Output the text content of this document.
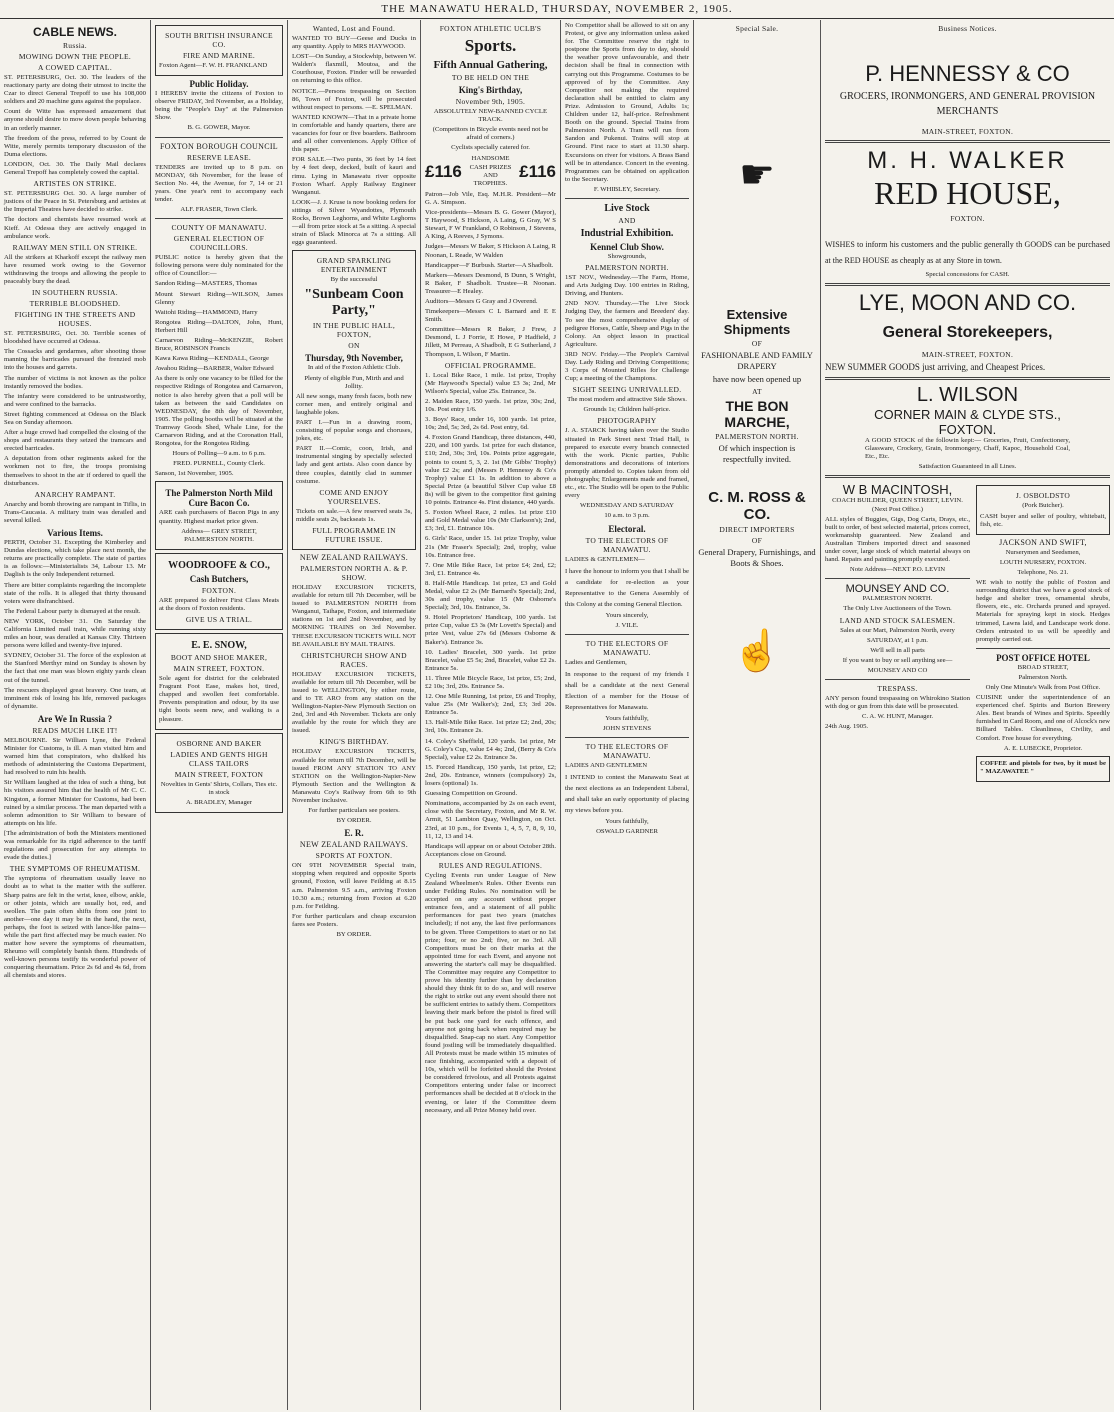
THE MANAWATU HERALD, THURSDAY, NOVEMBER 2, 1905.
CABLE NEWS.
Russia.
MOWING DOWN THE PEOPLE.
A COWED CAPITAL.

ST. PETERSBURG, Oct. 30. The leaders of the reactionary party are doing their utmost to incite the Czar to direct General Trepoff to use his 108,000 soldiers and 20 machine guns against the populace.

Count de Witte has expressed amazement that anyone should desire to mow down people behaving in an orderly manner.

The freedom of the press, referred to by Count de Witte, merely permits temporary discussion of the Duma elections.

LONDON, Oct. 30. The Daily Mail declares General Trepoff has completely cowed the capital.

ARTISTES ON STRIKE.

ST. PETERSBURG Oct. 30. A large number of justices of the Peace in St. Petersburg and artistes at the Imperial Theatres have decided to strike.

The doctors and chemists have resumed work at Kieff. At Odessa they are actively engaged in ambulance work.

RAILWAY MEN STILL ON STRIKE.

All the strikers at Kharkoff except the railway men have resumed work owing to the Governor withdrawing the troops and allowing the people to peaceably bury the dead.

IN SOUTHERN RUSSIA.
TERRIBLE BLOODSHED.
FIGHTING IN THE STREETS AND HOUSES.

ST. PETERSBURG, Oct. 30. Terrible scenes of bloodshed have occurred at Odessa.

The Cossacks and gendarmes, after shooting those manning the barricades pursued the frenzied mob into the houses and garrets.

The number of victims is not known as the police instantly removed the bodies.

The infantry were considered to be untrustworthy, and were confined to the barracks.

Street fighting commenced at Odessa on the Black Sea on Sunday afternoon.

After a huge crowd had compelled the closing of the shops and restaurants they seized the tramcars and erected barricades.

A deputation from other regiments asked for the workmen not to fire, the troops promising themselves to shoot in the air if ordered to quell the disturbances.

ANARCHY RAMPANT.

Anarchy and bomb throwing are rampant in Tiflis, in Trans-Caucasia. A military train was derailed and several killed.

Various Items.

PERTH, October 31. Excepting the Kimberley and Dundas elections, which take place next month, the returns are practically complete. The state of parties is as follows:—Ministerialists 34, Labour 13. Mr Daglish is the only Independent returned.

There are bitter complaints regarding the incomplete state of the rolls. It is alleged that thirty thousand voters were disfranchised.

The Federal Labour party is dismayed at the result.

NEW YORK, October 31. On Saturday the California Limited mail train, while running sixty miles an hour, was derailed at Kansas City. Thirteen persons were killed and twenty-five injured.

SYDNEY, October 31. The force of the explosion at the Stanford Merthyr mind on Sunday is shown by the fact that one man was blown eighty yards clean out of the tunnel.

The rescuers displayed great bravery. One team, at imminent risk of losing his life, removed packages of dynamite.

Are We In Russia ?
READS MUCH LIKE IT!

MELBOURNE. Sir William Lyne, the Federal Minister for Customs, is ill. A man visited him and warned him that conspirators, who disliked his methods of administering the Customs Department, had resolved to ruin his health.

Sir William laughed at the idea of such a thing, but his visitors assured him that the health of Mr C. C. Kingston, a former Minister for Customs, had been ruined by a similar process. The man departed with a solemn admonition to Sir William to beware of attempts on his life.

[The administration of both the Ministers mentioned was remarkable for its rigid adherence to the tariff regulations and prosecution for any attempts to evade the duties.]

THE SYMPTOMS OF RHEUMATISM.

The symptoms of rheumatism usually leave no doubt as to what is the matter with the sufferer. Sharp pains are felt in the wrist, knee, elbow, ankle, or other joints, which are usually hot, red, and swollen. The pain often shifts from one joint to another—one day it may be in the hand, the next, perhaps, the foot is seized with lance-like pains—while the part first affected may be much easier. No matter how severe the symptoms of rheumatism, Rheumo will completely banish them. Hundreds of well-known persons testify its wonderful power of conquering rheumatism. Price 2s 6d and 4s 6d, from all chemists and stores.

SOUTH BRITISH INSURANCE CO.
FIRE AND MARINE.

Foxton Agent—F. W. H. FRANKLAND

Public Holiday.

I HEREBY invite the citizens of Foxton to observe FRIDAY, 3rd November, as a Holiday, being the "People's Day" at the Palmerston Show.

B. G. GOWER, Mayor.

FOXTON BOROUGH COUNCIL
RESERVE LEASE.

TENDERS are invited up to 8 p.m. on MONDAY, 6th November, for the lease of Section No. 44, the Avenue, for 7, 14 or 21 years. One year's rent to accompany each tender.

ALF. FRASER, Town Clerk.

COUNTY OF MANAWATU.
GENERAL ELECTION OF COUNCILLORS.

PUBLIC notice is hereby given that the following persons were duly nominated for the office of Councillor:—

Sandon Riding—MASTERS, Thomas

Mount Stewart Riding—WILSON, James Glenny

Waitohi Riding—HAMMOND, Harry

Rongotea Riding—DALTON, John, Hunt, Herbert Hill

Carnarvon Riding—McKENZIE, Robert Bruce, ROBINSON Francis

Kawa Kawa Riding—KENDALL, George

Awahou Riding—BARBER, Walter Edward

As there is only one vacancy to be filled for the respective Ridings of Rongotea and Carnarvon, notice is also hereby given that a poll will be taken as between the said Candidates on WEDNESDAY, the 8th day of November, 1905. The polling booths will be situated at the Tramway Goods Shed, Whale Line, for the Carnarvon Riding, and at the Coronation Hall, Rongotea, for the Rongotea Riding.

Hours of Polling—9 a.m. to 6 p.m.

FRED. PURNELL, County Clerk.

Sanson, 1st November, 1905.

The Palmerston North Mild Cure Bacon Co.

ARE cash purchasers of Bacon Pigs in any quantity. Highest market price given.

Address— GREY STREET, PALMERSTON NORTH.

WOODROOFE & CO.,
Cash Butchers,
FOXTON.

ARE prepared to deliver First Class Meats at the doors of Foxton residents.

GIVE US A TRIAL.
E. E. SNOW,
BOOT AND SHOE MAKER,
MAIN STREET, FOXTON.

Sole agent for district for the celebrated Fragrant Foot Ease, makes hot, tired, chapped and swollen feet comfortable. Prevents perspiration and odour, by its use tight boots seem new, and walking is a pleasure.

OSBORNE AND BAKER
LADIES AND GENTS HIGH CLASS TAILORS
MAIN STREET, FOXTON

Novelties in Gents' Shirts, Collars, Ties etc. in stock

A. BRADLEY, Manager

Wanted, Lost and Found.

WANTED TO BUY—Geese and Ducks in any quantity. Apply to MRS HAYWOOD.

LOST—On Sunday, a Stockwhip, between W. Walden's flaxmill, Moutoa, and the Courthouse, Foxton. Finder will be rewarded on returning to this office.

NOTICE.—Persons trespassing on Section 86, Town of Foxton, will be prosecuted without respect to persons. —E. SPELMAN.

WANTED KNOWN—That in a private home in comfortable and handy quarters, there are vacancies for four or five boarders. Bathroom and all other conveniences. Apply Office of this paper.

FOR SALE.—Two punts, 36 feet by 14 feet by 4 feet deep, decked, built of kauri and rimu. Lying in Manawatu river opposite Foxton Wharf. Apply Railway Engineer Wanganui.

LOOK—J. J. Kruse is now booking orders for sittings of Silver Wyandottes, Plymouth Rocks, Brown Leghorns, and White Leghorns—all from prize stock at 5s a sitting. A special strain of Black Minorca at 7s a sitting. All eggs guaranteed.

GRAND SPARKLING ENTERTAINMENT

By the successful

"Sunbeam Coon Party,"
IN THE PUBLIC HALL, FOXTON,
ON
Thursday, 9th November,

In aid of the Foxton Athletic Club.

Plenty of eligible Fun, Mirth and and Jollity.

All new songs, many fresh faces, both new corner men, and entirely original and laughable jokes.

PART I.—Fun in a drawing room, consisting of popular songs and choruses, jokes, etc.

PART II.—Comic, coon, Irish, and instrumental singing by specially selected lady and gent artists. Also coon dance by three couples, daintily clad in summer costume.

COME AND ENJOY YOURSELVES.

Tickets on sale.—A few reserved seats 3s, middle seats 2s, backseats 1s.

FULL PROGRAMME IN FUTURE ISSUE.
NEW ZEALAND RAILWAYS.
PALMERSTON NORTH A. & P. SHOW.

HOLIDAY EXCURSION TICKETS, available for return till 7th December, will be issued to PALMERSTON NORTH from Wanganui, Taihape, Foxton, and intermediate stations on 1st and 2nd November, and by MORNING TRAINS on 3rd November. THESE EXCURSION TICKETS WILL NOT BE AVAILABLE BY MAIL TRAINS.

CHRISTCHURCH SHOW AND RACES.

HOLIDAY EXCURSION TICKETS, available for return till 7th December, will be issued to WELLINGTON, by either route, and to TE ARO from any station on the Wellington-Napier-New Plymouth Section on 2nd, 3rd and 4th November. Tickets are only available by the route for which they are issued.

KING'S BIRTHDAY.

HOLIDAY EXCURSION TICKETS, available for return till 7th December, will be issued FROM ANY STATION TO ANY STATION on the Wellington-Napier-New Plymouth Section and the Wellington & Manawatu Coy's Railway from 6th to 9th November inclusive.

For further particulars see posters.

BY ORDER.

E. R.
NEW ZEALAND RAILWAYS.
SPORTS AT FOXTON.

ON 9TH NOVEMBER Special train, stopping when required and opposite Sports ground, Foxton, will leave Feilding at 8.15 a.m. Palmerston 9.5 a.m., arriving Foxton 10.30 a.m.; returning from Foxton at 6.20 p.m. for Feilding.

For further particulars and cheap excursion fares see Posters.

BY ORDER.

FOXTON ATHLETIC UCLB'S
Sports.
Fifth Annual Gathering,
TO BE HELD ON THE
King's Birthday,
November 9th, 1905.

ABSOLUTELY NEW-BANNED CYCLE TRACK.

(Competitors in Bicycle events need not be afraid of corners.)

Cyclists specially catered for.

£116
HANDSOME CASH PRIZES AND TROPHIES.
£116

Patron—Job Vile, Esq. M.H.R. President—Mr G. A. Simpson.

Vice-presidents—Messrs B. G. Gower (Mayor), T Haywood, S Hickson, A Laing, G Gray, W S Stewart, F W Frankland, O Robinson, J Stevens, A King, A Reeves, J Symons.

Judges—Messrs W Baker, S Hickson A Laing, R Noonan, L Reade, W Walden

Handicapper—F Burbush. Starter—A Shadbolt.

Markers—Messrs Desmond, B Dunn, S Wright, R Baker, F Shadbolt. Trustee—R Noonan. Treasurer—E Healey.

Auditors—Messrs G Gray and J Overend.

Timekeepers—Messrs C L Barnard and E E Smith.

Committee—Messrs R Baker, J Frew, J Desmond, L J Forrie, E Howe, P Hadfield, J Jillett, M Perreau, A Shadbolt, E G Sutherland, J Thompson, L Wilson, F Martin.

OFFICIAL PROGRAMME.

1. Local Bike Race, 1 mile. 1st prize, Trophy (Mr Haywood's Special) value £3 3s; 2nd, Mr Wilson's Special, value 25s. Entrance, 3s.

2. Maiden Race, 150 yards. 1st prize, 30s; 2nd, 10s. Post entry 1/6.

3. Boys' Race, under 16, 100 yards. 1st prize, 10s; 2nd, 5s; 3rd, 2s 6d. Post entry, 6d.

4. Foxton Grand Handicap, three distances, 440, 220, and 100 yards. 1st prize for each distance, £10; 2nd, 30s; 3rd, 10s. Points prize aggregate, points to count 5, 3, 2. 1st (Mr Gibbs' Trophy) value £2 2s; and (Messrs P. Hennessy & Co's Trophy) value £1 1s. In addition to above a Special Prize (a beautiful Silver Cup value £8 8s) will be given to the competitor first gaining 10 points. Entrance 4s. First distance, 440 yards.

5. Foxton Wheel Race, 2 miles. 1st prize £10 and Gold Medal value 10s (Mr Clarkson's); 2nd, £3; 3rd, £1. Entrance 10s.

6. Girls' Race, under 15. 1st prize Trophy, value 21s (Mr Fraser's Special); 2nd, trophy, value 10s. Entrance free.

7. One Mile Bike Race, 1st prize £4; 2nd, £2; 3rd, £1. Entrance 4s.

8. Half-Mile Handicap. 1st prize, £3 and Gold Medal, value £2 2s (Mr Barnard's Special); 2nd, 30s and trophy, value 15 (Mr Osborne's Special); 3rd, 10s. Entrance, 3s.

9. Hotel Proprietors' Handicap, 100 yards. 1st prize Cup, value £3 3s (Mr Lovett's Special) and prize Vest, value 27s 6d (Messrs Osborne & Baker's). Entrance 3s.

10. Ladies' Bracelet, 300 yards. 1st prize Bracelet, value £5 5s; 2nd, Bracelet, value £2 2s. Entrance 5s.

11. Three Mile Bicycle Race, 1st prize, £5; 2nd, £2 10s; 3rd, 20s. Entrance 5s.

12. One Mile Running, 1st prize, £6 and Trophy, value 25s (Mr Walker's); 2nd, £3; 3rd 20s. Entrance 5s.

13. Half-Mile Bike Race. 1st prize £2; 2nd, 20s; 3rd, 10s. Entrance 2s.

14. Coley's Sheffield, 120 yards. 1st prize, Mr G. Coley's Cup, value £4 4s; 2nd, (Berry & Co's Special), value £2 2s. Entrance 3s.

15. Forced Handicap, 150 yards, 1st prize, £2; 2nd, 20s. Entrance, winners (compulsory) 2s, losers (optional) 1s.

Guessing Competition on Ground.

Nominations, accompanied by 2s on each event, close with the Secretary, Foxton, and Mr R. W. Armit, 51 Lambton Quay, Wellington, on Oct. 23rd, at 10 p.m., for Events 1, 4, 5, 7, 8, 9, 10, 11, 12, 13 and 14.

Handicaps will appear on or about October 28th. Acceptances close on Ground.

RULES AND REGULATIONS.

Cycling Events run under League of New Zealand Wheelmen's Rules. Other Events run under Feilding Rules. No nomination will be accepted on any account without proper entrance fees, and a statement of all public performances for past two years (matches included); if not any, the last five performances to be given. Three Competitors to start or no 1st prize; four, or no 2nd; five, or no 3rd. All Competitors must be on their marks at the appointed time for each Event, and anyone not answering the starter's call may be disqualified. The Committee may require any Competitor to prove his identity further than by declaration should they think fit to do so, and will reserve the right to strike out any event should there not be sufficient entries to satisfy them. Competitors leaving their mark before the pistol is fired will be put back one yard for each offence, and anyone not going back when required may be disqualified. Snap-cap no start. Any Competitor found jostling will be immediately disqualified. All Protests must be made within 15 minutes of race finishing, accompanied with a deposit of 10s, which will be forfeited should the Protest be considered frivolous, and all Protests against Competitors entering under false or incorrect performances shall be decided at 8 o'clock in the evening, or later if the Committee deem necessary, and all Prize Money held over.

No Competitor shall be allowed to sit on any Protest, or give any information unless asked for. The Committee reserve the right to postpone the Sports from day to day, should the weather prove unfavourable, and their decision shall be final in connection with carrying out this Programme. Costumes to be approved of by the Committee. Any Competitor not making the required declaration shall be entitled to claim any Prize. Admission to Ground, Adults 1s; Children under 12, half-price. Refreshment Booth on the ground. Special Trains from Palmerston North. A Tram will run from Sandon and Pukenui. Trains will stop at Ground. First race to start at 11.30 sharp. Excursions on river for visitors. A Brass Band will be in attendance. Concert in the evening. Programmes can be obtained on application to the Secretary.

F. WHIBLEY, Secretary.

Live Stock
AND
Industrial Exhibition.
Kennel Club Show.

Showgrounds,

PALMERSTON NORTH.

1ST NOV., Wednesday.—The Farm, Home, and Arts Judging Day. 100 entries in Riding, Driving, and Hunters.

2ND NOV. Thursday.—The Live Stock Judging Day, the farmers and Breeders' day. To see the most comprehensive display of pedigree Horses, Cattle, Sheep and Pigs in the Colony. An object lesson in practical Agriculture.

3RD NOV. Friday.—The People's Carnival Day. Lady Riding and Driving Competitions; 3 Corps of Mounted Rifles for Challenge Cup; a meeting of the Champions.

SIGHT SEEING UNRIVALLED.

The most modern and attractive Side Shows.

Grounds 1s; Children half-price.

PHOTOGRAPHY

J. A. STARCK having taken over the Studio situated in Park Street next Triad Hall, is prepared to execute every branch connected with the work. Picnic parties, Public demonstrations and decorations of interiors promptly attended to. Copies taken from old photographs; Enlargements made and framed, etc., etc. The Studio will be open to the Public every

WEDNESDAY AND SATURDAY

10 a.m. to 3 p.m.

Electoral.
TO THE ELECTORS OF MANAWATU.

LADIES & GENTLEMEN—

I have the honour to inform you that I shall be a candidate for re-election as your Representative to the Genera Assembly of this Colony at the coming General Election.

Yours sincerely,

J. VILE.

TO THE ELECTORS OF MANAWATU.

Ladies and Gentlemen,

In response to the request of my friends I shall be a candidate at the next General Election of a member for the House of Representatives for Manawatu.

Yours faithfully,

JOHN STEVENS

TO THE ELECTORS OF MANAWATU.

LADIES AND GENTLEMEN

I INTEND to contest the Manawatu Seat at the next elections as an Independent Liberal, and shall take an early opportunity of placing my views before you.

Yours faithfully,

OSWALD GARDNER

Special Sale.
☛
Extensive Shipments
OF

FASHIONABLE AND FAMILY DRAPERY

have now been opened up

AT
THE BON MARCHE,
PALMERSTON NORTH.

Of which inspection is respectfully invited.

C. M. ROSS & CO.
DIRECT IMPORTERS
OF

General Drapery, Furnishings, and Boots & Shoes.

☝
Business Notices.
P. HENNESSY & CO

GROCERS, IRONMONGERS, AND GENERAL PROVISION MERCHANTS

MAIN-STREET, FOXTON.
M. H. WALKER
RED HOUSE,
FOXTON.

WISHES to inform his customers and the public generally th GOODS can be purchased at the RED HOUSE as cheaply as at any Store in town.

Special concessions for CASH.

LYE, MOON AND CO.
General Storekeepers,
MAIN-STREET, FOXTON.

NEW SUMMER GOODS just arriving, and Cheapest Prices.

L. WILSON
CORNER MAIN & CLYDE STS.,
FOXTON.

A GOOD STOCK of the followin kept:— Groceries, Fruit, Confectionery, Glassware, Crockery, Grain, Ironmongery, Chaff, Kapoc, Household Coal, Etc., Etc.

Satisfaction Guaranteed in all Lines.

W B MACINTOSH,

COACH BUILDER, QUEEN STREET, LEVIN. (Next Post Office.)

ALL styles of Buggies, Gigs, Dog Carts, Drays, etc., built to order, of best selected material, prices correct, workmanship guaranteed. New Zealand and Australian Timbers imported direct and seasoned under cover, large stock of which material always on hand. Repairs and painting promptly executed.

Note Address—NEXT P.O. LEVIN

MOUNSEY AND CO.

PALMERSTON NORTH.

The Only Live Auctioneers of the Town.

LAND AND STOCK SALESMEN.

Sales at our Mart, Palmerston North, every

SATURDAY, at 1 p.m.

We'll sell in all parts

If you want to buy or sell anything see—

MOUNSEY AND CO

TRESPASS.

ANY person found trespassing on Whirokino Station with dog or gun from this date will be prosecuted.

C. A. W. HUNT, Manager.

24th Aug. 1905.

J. OSBOLDSTO

(Pork Butcher).

CASH buyer and seller of poultry, whitebait, fish, etc.

JACKSON AND SWIFT,

Nurserymen and Seedsmen,

LOUTH NURSERY, FOXTON.

Telephone, No. 21.

WE wish to notify the public of Foxton and surrounding district that we have a good stock of hedge and shelter trees, ornamental shrubs, flowers, etc., etc. Orchards pruned and sprayed. Materials for spraying kept in stock. Hedges trimmed, Lawns laid, and Landscape work done. Orders entrusted to us will be speedily and promptly carried out.

POST OFFICE HOTEL

BROAD STREET,

Palmerston North.

Only One Minute's Walk from Post Office.

CUISINE under the superintendence of an experienced chef. Spirits and Burton Brewery Ales. Best brands of Wines and Spirits. Speedily furnished in Card Room, and one of Alcock's new Billiard Tables. Cleanliness, Civility, and Comfort. Free house for everything.

A. E. LUBECKE, Proprietor.

COFFEE and pistols for two, by it must be " MAZAWATEE "
